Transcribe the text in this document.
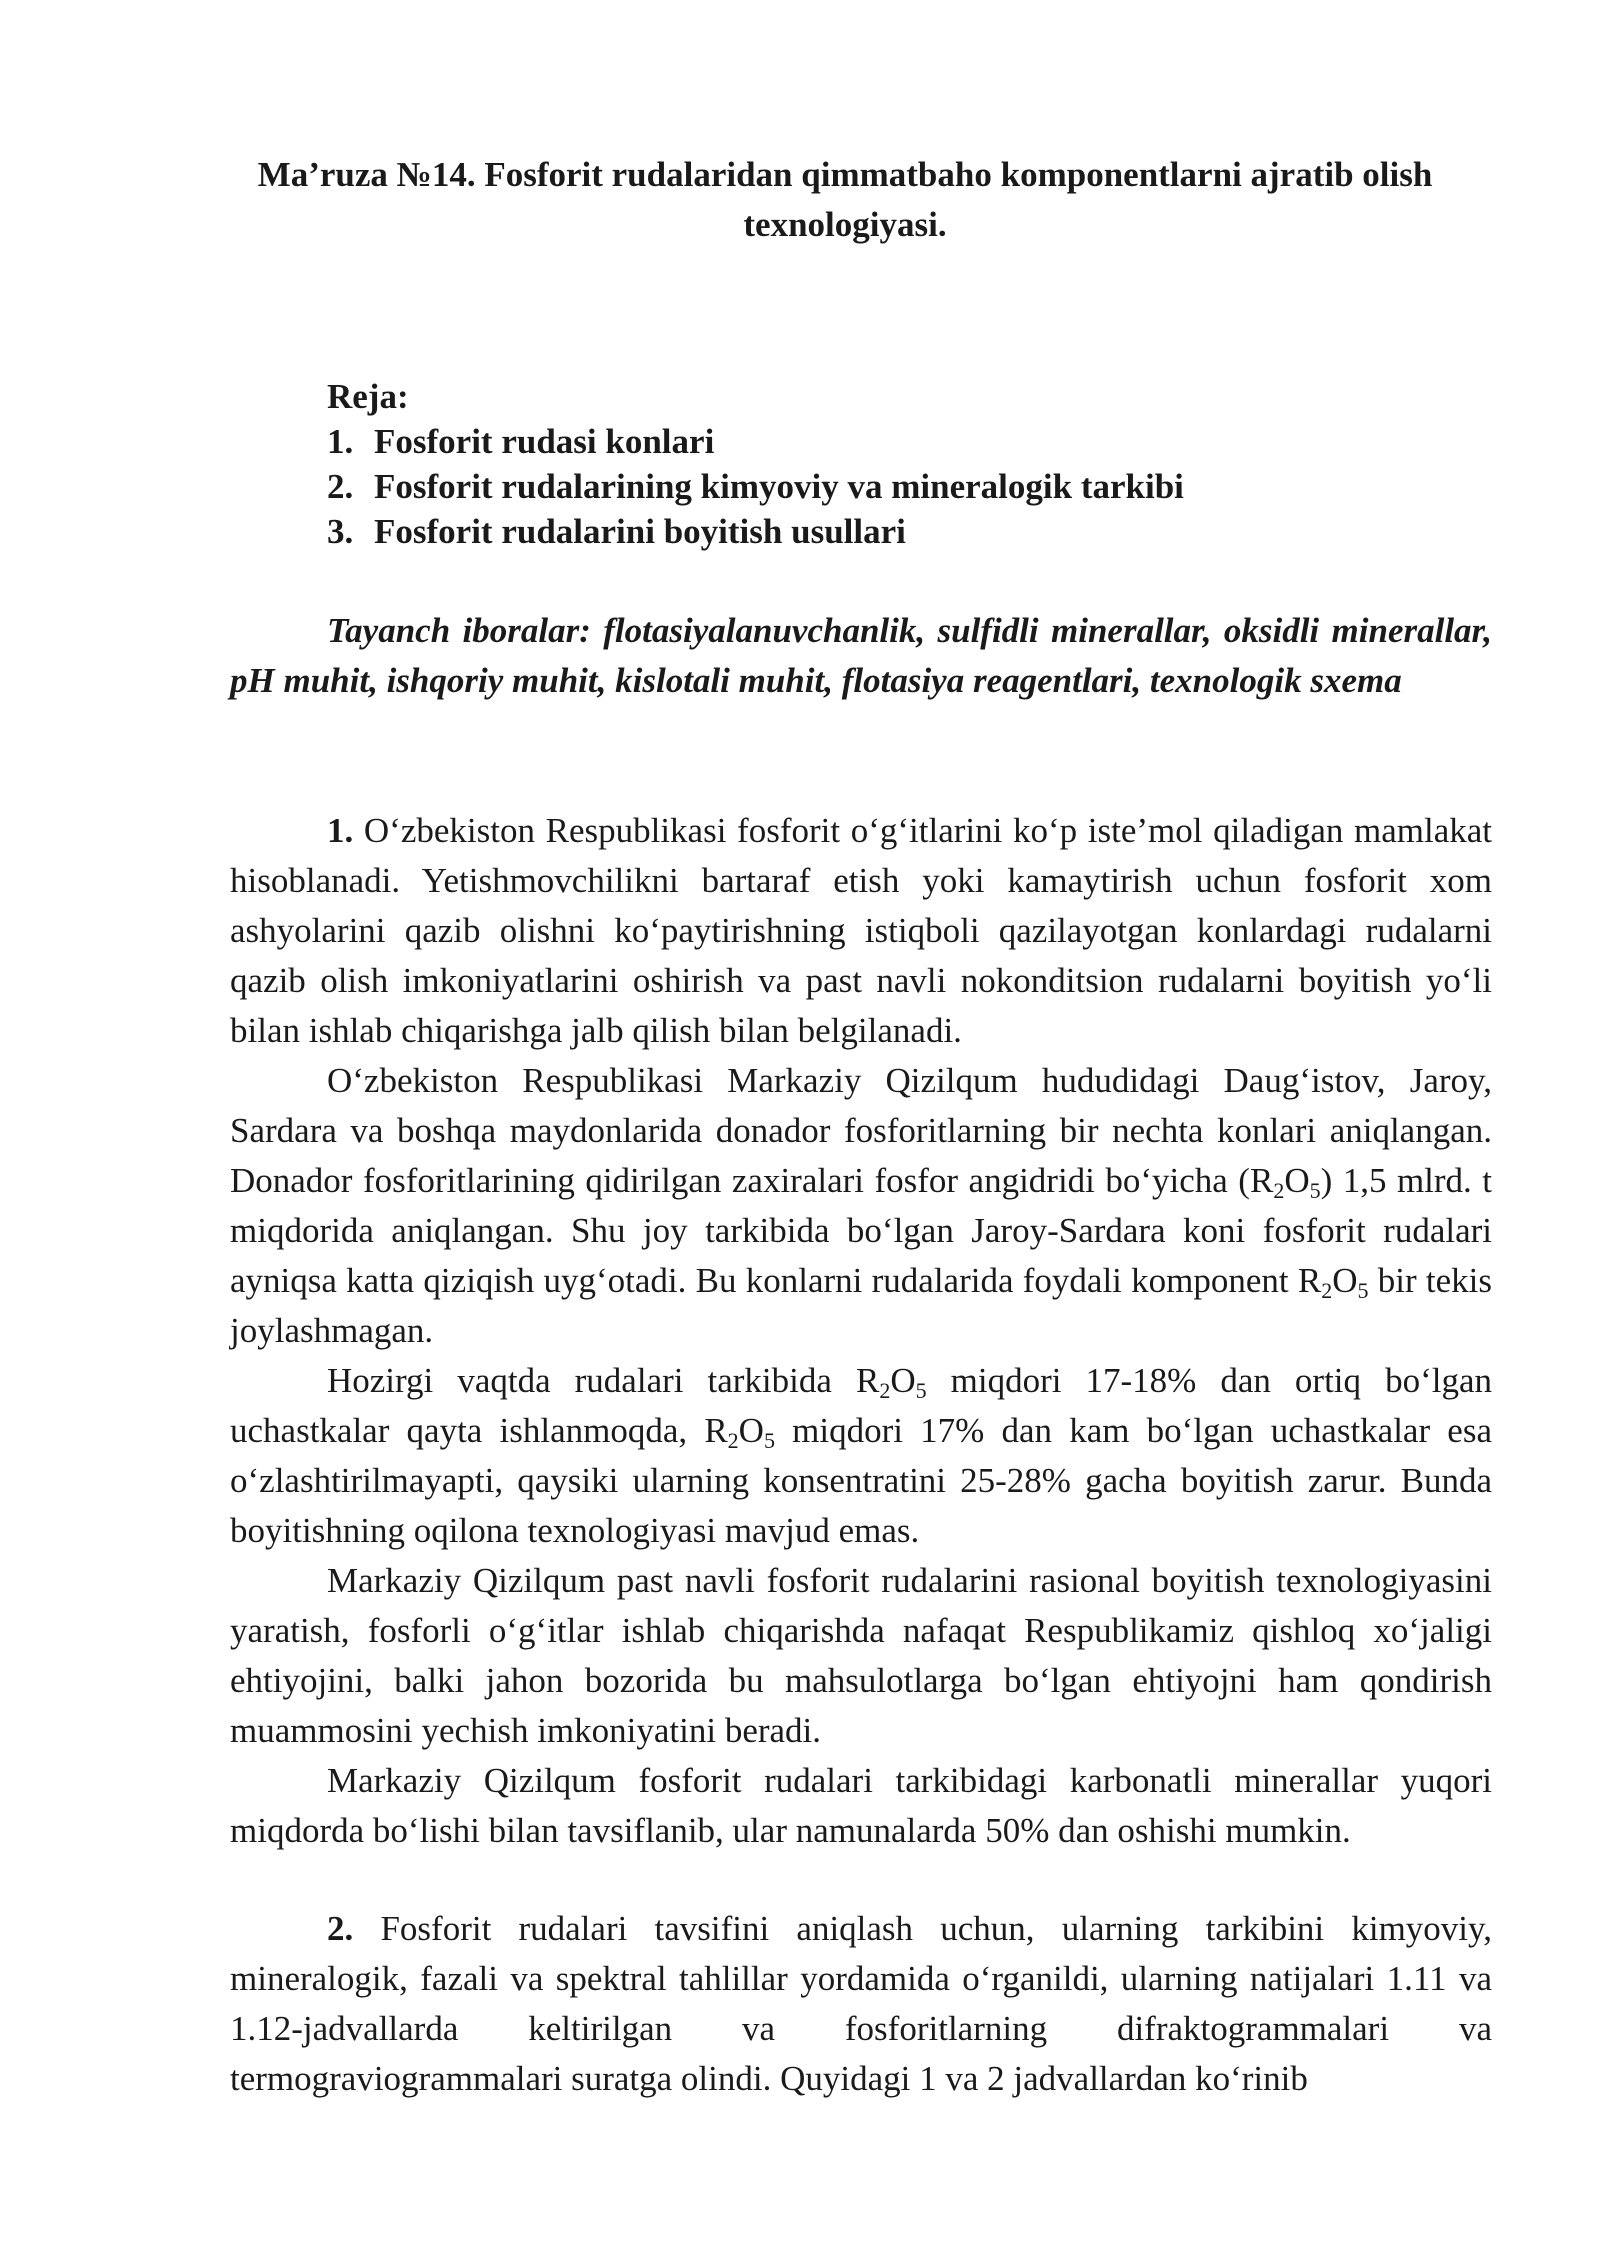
Ma’ruza №14. Fosforit rudalaridan qimmatbaho komponentlarni ajratib olish texnologiyasi.
Reja:
1. Fosforit rudasi konlari
2. Fosforit rudalarining kimyoviy va mineralogik tarkibi
3. Fosforit rudalarini boyitish usullari
Tayanch iboralar: flotasiyalanuvchanlik, sulfidli minerallar, oksidli minerallar, pH muhit, ishqoriy muhit, kislotali muhit, flotasiya reagentlari, texnologik sxema

1. O‘zbekiston Respublikasi fosforit o‘g‘itlarini ko‘p iste’mol qiladigan mamlakat hisoblanadi. Yetishmovchilikni bartaraf etish yoki kamaytirish uchun fosforit xom ashyolarini qazib olishni ko‘paytirishning istiqboli qazilayotgan konlardagi rudalarni qazib olish imkoniyatlarini oshirish va past navli nokonditsion rudalarni boyitish yo‘li bilan ishlab chiqarishga jalb qilish bilan belgilanadi.

O‘zbekiston Respublikasi Markaziy Qizilqum hududidagi Daug‘istov, Jaroy, Sardara va boshqa maydonlarida donador fosforitlarning bir nechta konlari aniqlangan. Donador fosforitlarining qidirilgan zaxiralari fosfor angidridi bo‘yicha $(R_2O_5)$ 1,5 mlrd. t miqdorida aniqlangan. Shu joy tarkibida bo‘lgan Jaroy-Sardara koni fosforit rudalari ayniqsa katta qiziqish uyg‘otadi. Bu konlarni rudalarida foydali komponent $R_2O_5$ bir tekis joylashmagan.

Hozirgi vaqtda rudalari tarkibida $R_2O_5$ miqdori 17-18% dan ortiq bo‘lgan uchastkalar qayta ishlanmoqda, $R_2O_5$ miqdori 17% dan kam bo‘lgan uchastkalar esa o‘zlashtirilmayapti, qaysiki ularning konsentratini 25-28% gacha boyitish zarur. Bunda boyitishning oqilona texnologiyasi mavjud emas.

Markaziy Qizilqum past navli fosforit rudalarini rasional boyitish texnologiyasini yaratish, fosforli o‘g‘itlar ishlab chiqarishda nafaqat Respublikamiz qishloq xo‘jaligi ehtiyojini, balki jahon bozorida bu mahsulotlarga bo‘lgan ehtiyojni ham qondirish muammosini yechish imkoniyatini beradi.

Markaziy Qizilqum fosforit rudalari tarkibidagi karbonatli minerallar yuqori miqdorda bo‘lishi bilan tavsiflanib, ular namunalarda 50% dan oshishi mumkin.

2. Fosforit rudalari tavsifini aniqlash uchun, ularning tarkibini kimyoviy, mineralogik, fazali va spektral tahlillar yordamida o‘rganildi, ularning natijalari 1.11 va 1.12-jadvallarda keltirilgan va fosforitlarning difraktogrammalari va termograviogrammalari suratga olindi. Quyidagi 1 va 2 jadvallardan ko‘rinib
